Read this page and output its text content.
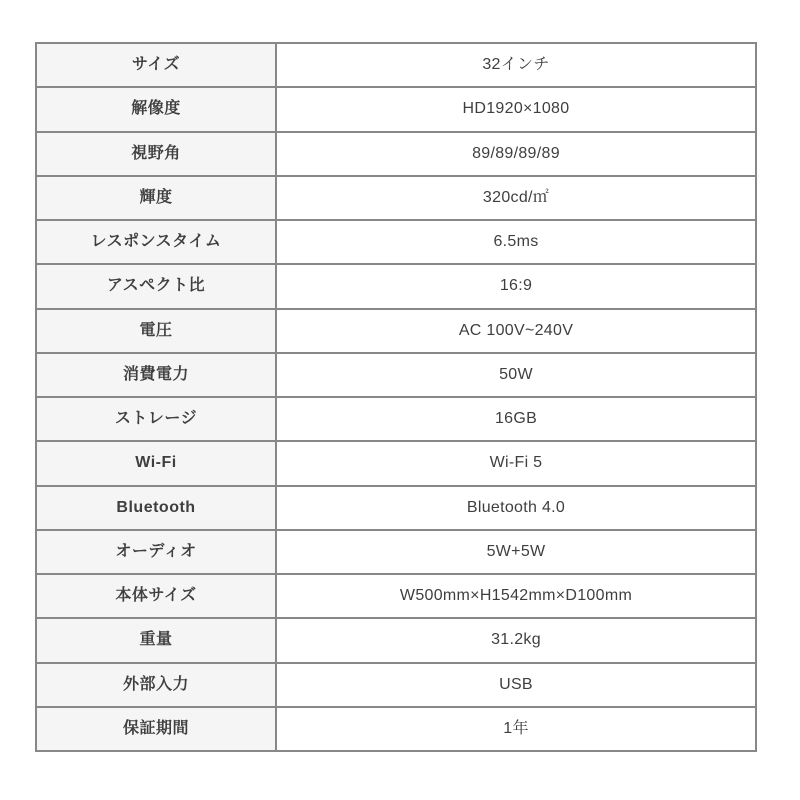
サイズ	32インチ
解像度	HD1920×1080
視野角	89/89/89/89
輝度	320cd/㎡
レスポンスタイム	6.5ms
アスペクト比	16:9
電圧	AC 100V~240V
消費電力	50W
ストレージ	16GB
Wi-Fi	Wi-Fi 5
Bluetooth	Bluetooth 4.0
オーディオ	5W+5W
本体サイズ	W500mm×H1542mm×D100mm
重量	31.2kg
外部入力	USB
保証期間	1年
